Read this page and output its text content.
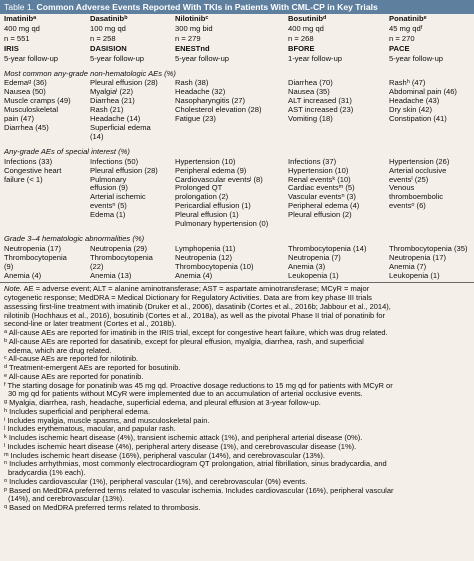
Table 1. Common Adverse Events Reported With TKIs in Patients With CML-CP in Key Trials
Imatinib$^a$	Dasatinib$^b$	Nilotinib$^c$	Bosutinib$^d$	Ponatinib$^e$
400 mg qd	100 mg qd	300 mg bid	400 mg qd	45 mg $qd^f$
n = 551	n = 258	n = 279	n = 268	n = 270
IRIS	DASISION	ENESTnd	BFORE	PACE
5-year follow-up	5-year follow-up	5-year follow-up	1-year follow-up	5-year follow-up

Most common any-grade non-hematologic AEs (%)				
Edema$^g$ (36)	Pleural effusion (28)	Rash (38)	Diarrhea (70)	Rash$^h$ (47)
Nausea (50)	Myalgia$^i$ (22)	Headache (32)	Nausea (35)	Abdominal pain (46)
Muscle cramps (49)	Diarrhea (21)	Nasopharyngitis (27)	ALT increased (31)	Headache (43)
Musculoskeletal	Rash (21)	Cholesterol elevation (28)	AST increased (23)	Dry skin (42)
pain (47)	Headache (14)	Fatigue (23)	Vomiting (18)	Constipation (41)
Diarrhea (45)	Superficial edema			
	(14)			

Any-grade AEs of special interest (%)				
Infections (33)	Infections (50)	Hypertension (10)	Infections (37)	Hypertension (26)
Congestive heart	Pleural effusion (28)	Peripheral edema (9)	Hypertension (10)	Arterial occlusive
failure (< 1)	Pulmonary	Cardiovascular events$^j$ (8)	Renal events$^k$ (10)	events$^l$ (25)
	effusion (9)	Prolonged QT	Cardiac events$^m$ (5)	Venous
	Arterial ischemic	prolongation (2)	Vascular events$^n$ (3)	thromboembolic
	events$^n$ (5)	Pericardial effusion (1)	Peripheral edema (4)	events$^o$ (6)
	Edema (1)	Pleural effusion (1)	Pleural effusion (2)	
		Pulmonary hypertension (0)		

Grade 3–4 hematologic abnormalities (%)				
Neutropenia (17)	Neutropenia (29)	Lymphopenia (11)	Thrombocytopenia (14)	Thrombocytopenia (35)
Thrombocytopenia	Thrombocytopenia	Neutropenia (12)	Neutropenia (7)	Neutropenia (17)
(9)	(22)	Thrombocytopenia (10)	Anemia (3)	Anemia (7)
Anemia (4)	Anemia (13)	Anemia (4)	Leukopenia (1)	Leukopenia (1)
Note. AE = adverse event; ALT = alanine aminotransferase; AST = aspartate aminotransferase; MCyR = major
cytogenetic response; MedDRA = Medical Dictionary for Regulatory Activities. Data are from key phase III trials
assessing first-line treatment with imatinib (Druker et al., 2006), dasatinib (Cortes et al., 2016b; Jabbour et al., 2014),
nilotinib (Hochhaus et al., 2016), bosutinib (Cortes et al., 2018a), as well as the pivotal Phase II trial of ponatinib for
second-line or later treatment (Cortes et al., 2018b).
$^a$ All-cause AEs are reported for imatinib in the IRIS trial, except for congestive heart failure, which was drug related.
$^b$ All-cause AEs are reported for dasatinib, except for pleural effusion, myalgia, diarrhea, rash, and superficial
edema, which are drug related.
$^c$ All-cause AEs are reported for nilotinib.
$^d$ Treatment-emergent AEs are reported for bosutinib.
$^e$ All-cause AEs are reported for ponatinib.
$^f$ The starting dosage for ponatinib was 45 mg qd. Proactive dosage reductions to 15 mg qd for patients with MCyR or
30 mg qd for patients without MCyR were implemented due to an accumulation of arterial occlusive events.
$^g$ Myalgia, diarrhea, rash, headache, superficial edema, and pleural effusion at 3-year follow-up.
$^h$ Includes superficial and peripheral edema.
$^i$ Includes myalgia, muscle spasms, and musculoskeletal pain.
$^j$ Includes erythematous, macular, and papular rash.
$^k$ Includes ischemic heart disease (4%), transient ischemic attack (1%), and peripheral arterial disease (0%).
$^l$ Includes ischemic heart disease (4%), peripheral artery disease (1%), and cerebrovascular disease (1%).
$^m$ Includes ischemic heart disease (16%), peripheral vascular (14%), and cerebrovascular (13%).
$^n$ Includes arrhythmias, most commonly electrocardiogram QT prolongation, atrial fibrillation, sinus bradycardia, and
bradycardia (1% each).
$^o$ Includes cardiovascular (1%), peripheral vascular (1%), and cerebrovascular (0%) events.
$^p$ Based on MedDRA preferred terms related to vascular ischemia. Includes cardiovascular (16%), peripheral vascular
(14%), and cerebrovascular (13%).
$^q$ Based on MedDRA preferred terms related to thrombosis.
